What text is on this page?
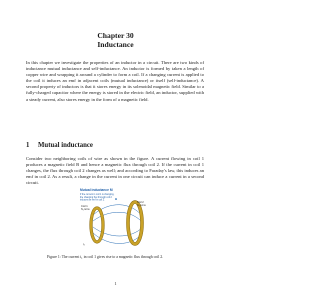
Chapter 30
Inductance

In this chapter we investigate the properties of an inductor in a circuit. There are two kinds of inductance mutual inductance and self-inductance. An inductor is formed by taken a length of copper wire and wrapping it around a cylinder to form a coil. If a changing current is applied to the coil it induces an emf in adjacent coils (mutual inductance) or itself (self-inductance). A second property of inductors is that it stores energy in its solenoidal magnetic field. Similar to a fully-charged capacitor where the energy is stored in the electric field, an inductor, supplied with a steady current, also stores energy in the form of a magnetic field.

1 Mutual inductance

Consider two neighboring coils of wire as shown in the figure. A current flowing in coil 1 produces a magnetic field B and hence a magnetic flux through coil 2. If the current in coil 1 changes, the flux through coil 2 changes as well; and according to Faraday's law, this induces an emf in coil 2. As a result, a change in the current in one circuit can induce a current in a second circuit.

Mutual inductance M
If the current in coil 1 is changing, the changing flux through coil 2 induces an emf in coil 2.
Coil 1
N₁ turns
Coil 2
N₂ turns
i₁
B
Figure 1: The current i₁ in coil 1 gives rise to a magnetic flux through coil 2.
1
